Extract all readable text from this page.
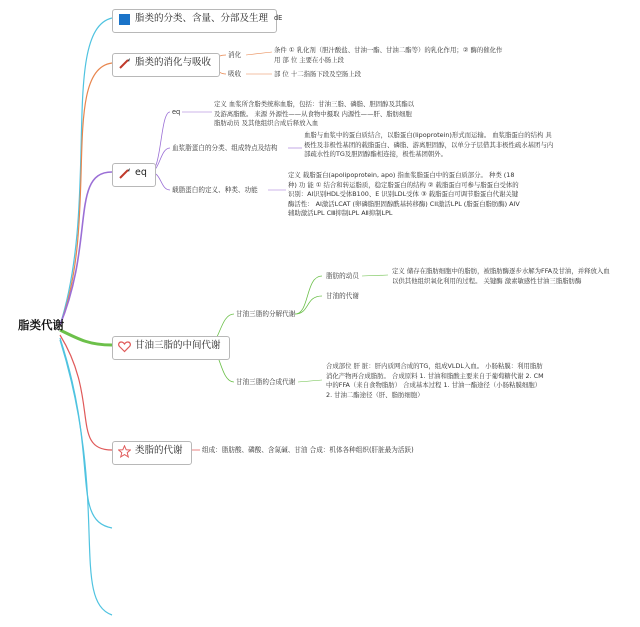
脂类代谢
脂类的分类、含量、分部及生理 dE
脂类的消化与吸收
消化
条件 ① 乳化剂（胆汁酸盐、甘油一酯、甘油二酯等）的乳化作用；② 酶的催化作用 部 位 主要在小肠上段
吸收	部 位 十二指肠下段及空肠上段
eq
eq
定义 血浆所含脂类统称血脂，包括：甘油三脂、磷脂、胆固醇及其酯以及游离脂酸。 来源 外源性——从食物中摄取 内源性——肝、脂肪细胞 脂肪动员 及其他组织合成后释放入血
血浆脂蛋白的分类、组成特点及结构
血脂与血浆中的蛋白质结合，以脂蛋白(lipoprotein)形式而运输。 血浆脂蛋白的结构 具极性及非极性基团的载脂蛋白、磷脂、游离胆固醇，以单分子层借其非极性疏水基团与内部疏水性的TG及胆固醇酯相连接，极性基团朝外。
载脂蛋白的定义、种类、功能
定义 载脂蛋白(apolipoprotein, apo) 指血浆脂蛋白中的蛋白质部分。 种类 (18种) 功 能 ① 结合和转运脂质，稳定脂蛋白的结构 ② 载脂蛋白可参与脂蛋白受体的识别：AI识别HDL受体B100、E 识别LDL受体 ③ 载脂蛋白可调节脂蛋白代谢关键酶活性： AI激活LCAT (卵磷脂胆固醇酰基转移酶) CII激活LPL (脂蛋白脂肪酶) AIV辅助激活LPL CⅢ抑制LPL AⅡ抑制LPL
甘油三脂的中间代谢
甘油三脂的分解代谢
脂肪的动员
定义 储存在脂肪细胞中的脂肪，被脂肪酶逐步水解为FFA及甘油，并释放入血以供其他组织氧化利用的过程。 关键酶 激素敏感性甘油三脂脂肪酶
甘油的代谢
甘油三脂的合成代谢
合成部位 肝 脏：肝内质网合成的TG，组成VLDL入血。 小肠粘膜：利用脂肪消化产物再合成脂肪。 合成原料 1. 甘油和脂酸主要来自于葡萄糖代谢 2. CM中的FFA（来自食物脂肪） 合成基本过程 1. 甘油一酯途径（小肠粘膜细胞） 2. 甘油二酯途径（肝、脂肪细胞）
类脂的代谢	组成：脂肪酸、磷酸、含氮碱、甘油 合成：机体各种组织(肝脏最为活跃)
